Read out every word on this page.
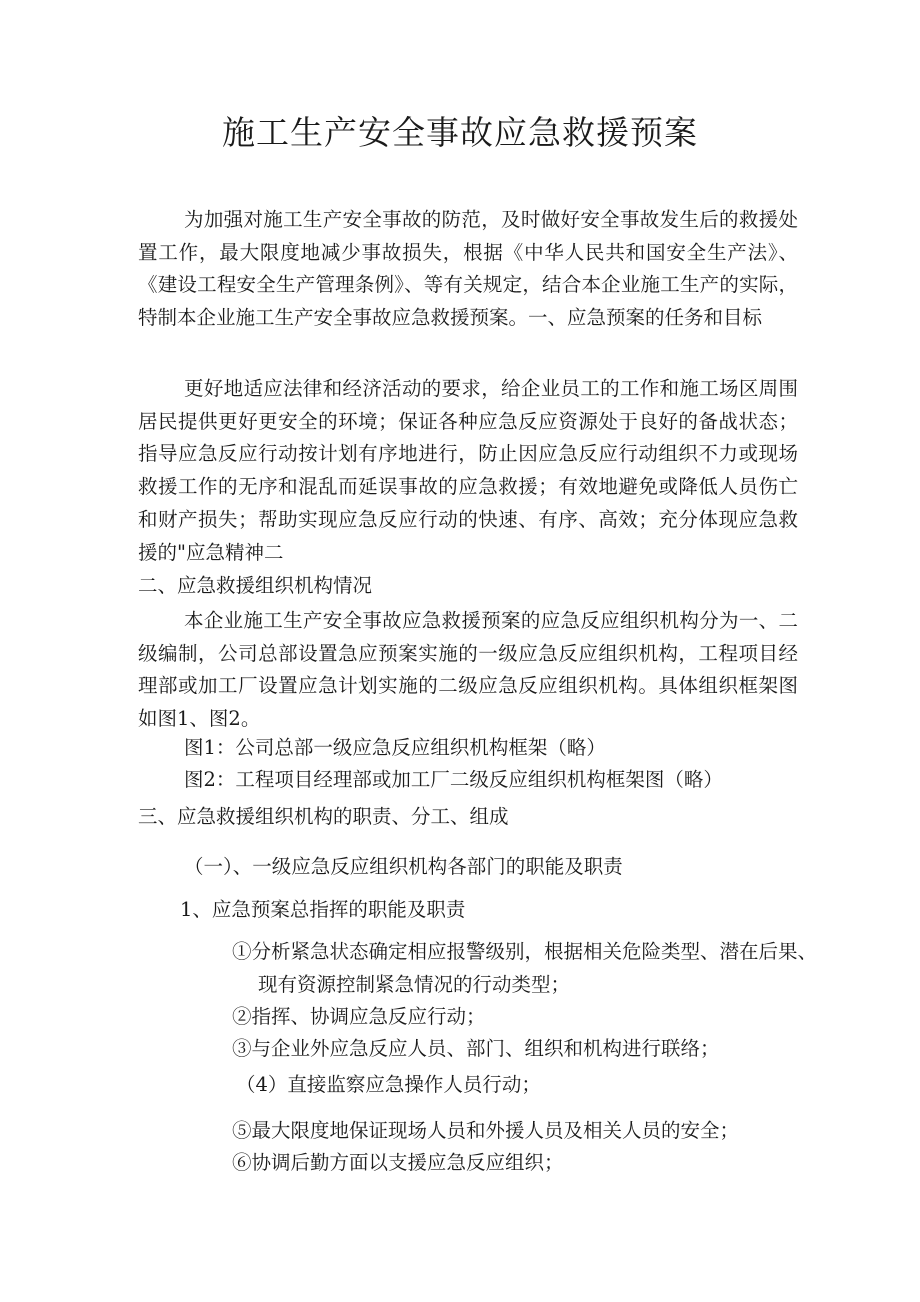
施工生产安全事故应急救援预案

为加强对施工生产安全事故的防范，及时做好安全事故发生后的救援处置工作，最大限度地减少事故损失，根据《中华人民共和国安全生产法》、《建设工程安全生产管理条例》、等有关规定，结合本企业施工生产的实际，特制本企业施工生产安全事故应急救援预案。一、应急预案的任务和目标

更好地适应法律和经济活动的要求，给企业员工的工作和施工场区周围居民提供更好更安全的环境；保证各种应急反应资源处于良好的备战状态；指导应急反应行动按计划有序地进行，防止因应急反应行动组织不力或现场救援工作的无序和混乱而延误事故的应急救援；有效地避免或降低人员伤亡和财产损失；帮助实现应急反应行动的快速、有序、高效；充分体现应急救援的"应急精神二

二、应急救援组织机构情况

本企业施工生产安全事故应急救援预案的应急反应组织机构分为一、二级编制，公司总部设置急应预案实施的一级应急反应组织机构，工程项目经理部或加工厂设置应急计划实施的二级应急反应组织机构。具体组织框架图如图1、图2。

图1：公司总部一级应急反应组织机构框架（略）

图2：工程项目经理部或加工厂二级反应组织机构框架图（略）

三、应急救援组织机构的职责、分工、组成

（一）、一级应急反应组织机构各部门的职能及职责

1、应急预案总指挥的职能及职责

①分析紧急状态确定相应报警级别，根据相关危险类型、潜在后果、现有资源控制紧急情况的行动类型；

②指挥、协调应急反应行动；

③与企业外应急反应人员、部门、组织和机构进行联络；

（4）直接监察应急操作人员行动；

⑤最大限度地保证现场人员和外援人员及相关人员的安全；

⑥协调后勤方面以支援应急反应组织；
